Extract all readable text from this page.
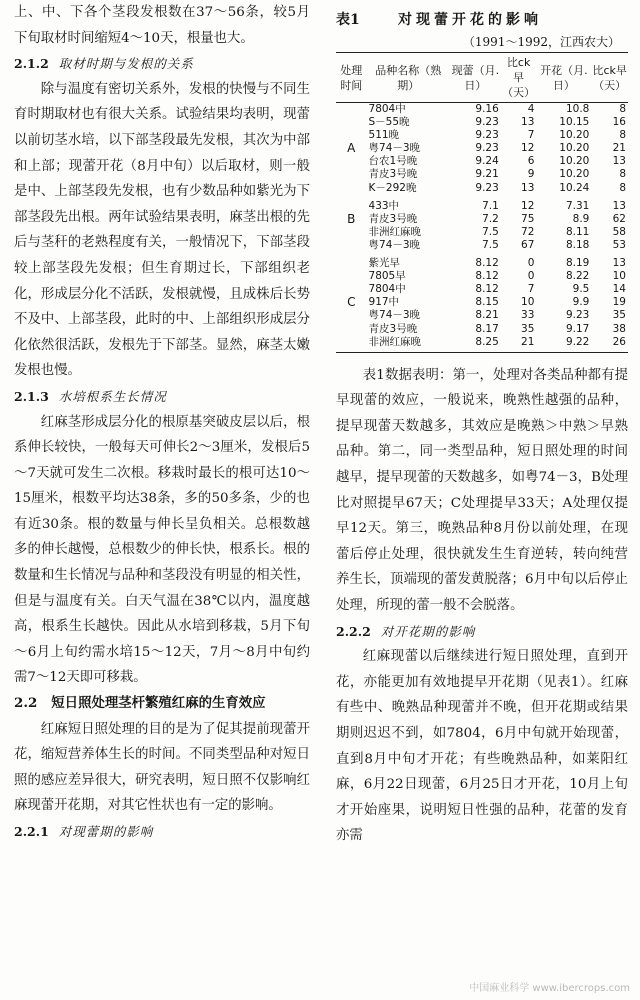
上、中、下各个茎段发根数在37～56条，较5月下旬取材时间缩短4～10天，根量也大。

2.1.2 取材时期与发根的关系

除与温度有密切关系外，发根的快慢与不同生育时期取材也有很大关系。试验结果均表明，现蕾以前切茎水培，以下部茎段最先发根，其次为中部和上部；现蕾开花（8月中旬）以后取材，则一般是中、上部茎段先发根，也有少数品种如紫光为下部茎段先出根。两年试验结果表明，麻茎出根的先后与茎秆的老熟程度有关，一般情况下，下部茎段较上部茎段先发根；但生育期过长，下部组织老化，形成层分化不活跃，发根就慢，且成株后长势不及中、上部茎段，此时的中、上部组织形成层分化依然很活跃，发根先于下部茎。显然，麻茎太嫩发根也慢。

2.1.3 水培根系生长情况

红麻茎形成层分化的根原基突破皮层以后，根系伸长较快，一般每天可伸长2～3厘米，发根后5～7天就可发生二次根。移栽时最长的根可达10～15厘米，根数平均达38条，多的50多条，少的也有近30条。根的数量与伸长呈负相关。总根数越多的伸长越慢，总根数少的伸长快，根系长。根的数量和生长情况与品种和茎段没有明显的相关性，但是与温度有关。白天气温在38℃以内，温度越高，根系生长越快。因此从水培到移栽，5月下旬～6月上旬约需水培15～12天，7月～8月中旬约需7～12天即可移栽。

2.2 短日照处理茎杆繁殖红麻的生育效应

红麻短日照处理的目的是为了促其提前现蕾开花，缩短营养体生长的时间。不同类型品种对短日照的感应差异很大，研究表明，短日照不仅影响红麻现蕾开花期，对其它性状也有一定的影响。

2.2.1 对现蕾期的影响
表1	对现蕾开花的影响
（1991～1992，江西农大）
处理时间	品种名称（熟期）	现蕾（月.日）	比ck早（天）	开花（月.日）	比ck早（天）
	7804中	9.16	4	10.8	8
	S－55晚	9.23	13	10.15	16
	511晚	9.23	7	10.20	8
A	粤74－3晚	9.23	12	10.20	21
	台农1号晚	9.24	6	10.20	13
	青皮3号晚	9.21	9	10.20	8
	K－292晚	9.23	13	10.24	8
	433中	7.1	12	7.31	13
B	青皮3号晚	7.2	75	8.9	62
	非洲红麻晚	7.5	72	8.11	58
	粤74－3晚	7.5	67	8.18	53
	紫光早	8.12	0	8.19	13
	7805早	8.12	0	8.22	10
	7804中	8.12	7	9.5	14
C	917中	8.15	10	9.9	19
	粤74－3晚	8.21	33	9.23	35
	青皮3号晚	8.17	35	9.17	38
	非洲红麻晚	8.25	21	9.22	26

表1数据表明：第一，处理对各类品种都有提早现蕾的效应，一般说来，晚熟性越强的品种，提早现蕾天数越多，其效应是晚熟＞中熟＞早熟品种。第二，同一类型品种，短日照处理的时间越早，提早现蕾的天数越多，如粤74－3，B处理比对照提早67天；C处理提早33天；A处理仅提早12天。第三，晚熟品种8月份以前处理，在现蕾后停止处理，很快就发生生育逆转，转向纯营养生长，顶端现的蕾发黄脱落；6月中旬以后停止处理，所现的蕾一般不会脱落。

2.2.2 对开花期的影响

红麻现蕾以后继续进行短日照处理，直到开花，亦能更加有效地提早开花期（见表1）。红麻有些中、晚熟品种现蕾并不晚，但开花期或结果期则迟迟不到，如7804，6月中旬就开始现蕾，直到8月中旬才开花；有些晚熟品种，如莱阳红麻，6月22日现蕾，6月25日才开花，10月上旬才开始座果，说明短日性强的品种，花蕾的发育亦需

中国麻业科学 www.ibercrops.com
